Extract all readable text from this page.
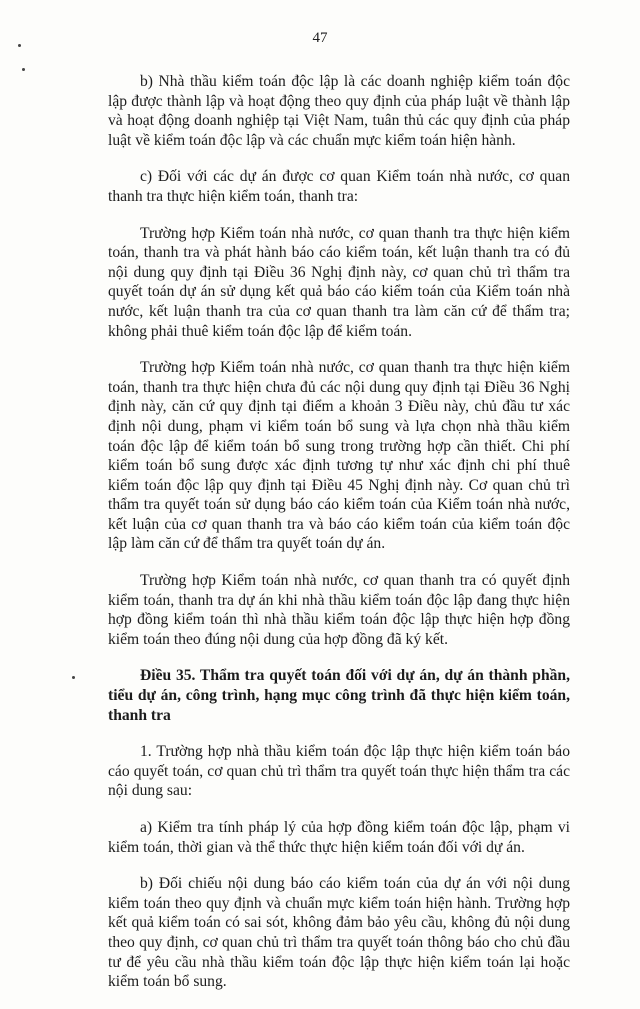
47

b) Nhà thầu kiểm toán độc lập là các doanh nghiệp kiểm toán độc lập được thành lập và hoạt động theo quy định của pháp luật về thành lập và hoạt động doanh nghiệp tại Việt Nam, tuân thủ các quy định của pháp luật về kiểm toán độc lập và các chuẩn mực kiểm toán hiện hành.

c) Đối với các dự án được cơ quan Kiểm toán nhà nước, cơ quan thanh tra thực hiện kiểm toán, thanh tra:

Trường hợp Kiểm toán nhà nước, cơ quan thanh tra thực hiện kiểm toán, thanh tra và phát hành báo cáo kiểm toán, kết luận thanh tra có đủ nội dung quy định tại Điều 36 Nghị định này, cơ quan chủ trì thẩm tra quyết toán dự án sử dụng kết quả báo cáo kiểm toán của Kiểm toán nhà nước, kết luận thanh tra của cơ quan thanh tra làm căn cứ để thẩm tra; không phải thuê kiểm toán độc lập để kiểm toán.

Trường hợp Kiểm toán nhà nước, cơ quan thanh tra thực hiện kiểm toán, thanh tra thực hiện chưa đủ các nội dung quy định tại Điều 36 Nghị định này, căn cứ quy định tại điểm a khoản 3 Điều này, chủ đầu tư xác định nội dung, phạm vi kiểm toán bổ sung và lựa chọn nhà thầu kiểm toán độc lập để kiểm toán bổ sung trong trường hợp cần thiết. Chi phí kiểm toán bổ sung được xác định tương tự như xác định chi phí thuê kiểm toán độc lập quy định tại Điều 45 Nghị định này. Cơ quan chủ trì thẩm tra quyết toán sử dụng báo cáo kiểm toán của Kiểm toán nhà nước, kết luận của cơ quan thanh tra và báo cáo kiểm toán của kiểm toán độc lập làm căn cứ để thẩm tra quyết toán dự án.

Trường hợp Kiểm toán nhà nước, cơ quan thanh tra có quyết định kiểm toán, thanh tra dự án khi nhà thầu kiểm toán độc lập đang thực hiện hợp đồng kiểm toán thì nhà thầu kiểm toán độc lập thực hiện hợp đồng kiểm toán theo đúng nội dung của hợp đồng đã ký kết.

Điều 35. Thẩm tra quyết toán đối với dự án, dự án thành phần, tiểu dự án, công trình, hạng mục công trình đã thực hiện kiểm toán, thanh tra

1. Trường hợp nhà thầu kiểm toán độc lập thực hiện kiểm toán báo cáo quyết toán, cơ quan chủ trì thẩm tra quyết toán thực hiện thẩm tra các nội dung sau:

a) Kiểm tra tính pháp lý của hợp đồng kiểm toán độc lập, phạm vi kiểm toán, thời gian và thể thức thực hiện kiểm toán đối với dự án.

b) Đối chiếu nội dung báo cáo kiểm toán của dự án với nội dung kiểm toán theo quy định và chuẩn mực kiểm toán hiện hành. Trường hợp kết quả kiểm toán có sai sót, không đảm bảo yêu cầu, không đủ nội dung theo quy định, cơ quan chủ trì thẩm tra quyết toán thông báo cho chủ đầu tư để yêu cầu nhà thầu kiểm toán độc lập thực hiện kiểm toán lại hoặc kiểm toán bổ sung.
